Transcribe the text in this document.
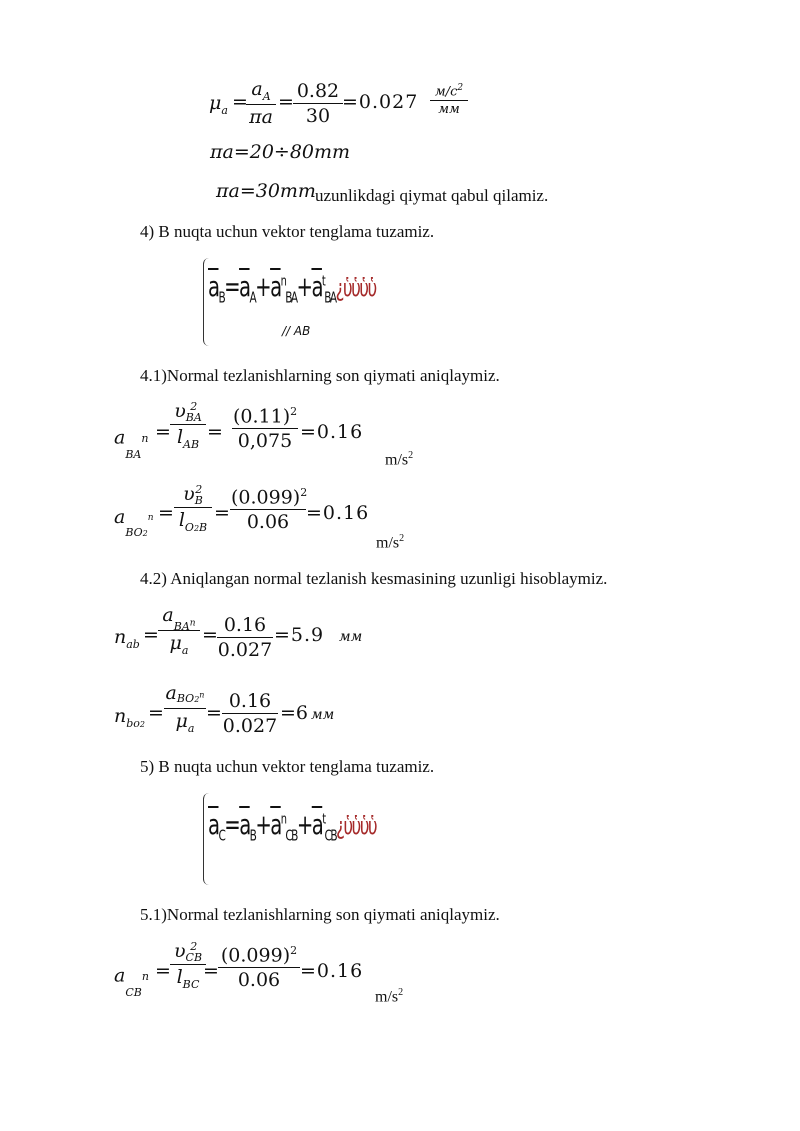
$\mu_a$ =
$\frac{a_A}{\pi a} = \frac{0.82}{30} =0.027$	$м/с^2$
мм
πa=20÷80mm
πa=30mm uzunlikdagi qiymat qabul qilamiz.
4) B nuqta uchun vektor tenglama tuzamiz.
$\overline{a}_B=\overline{a}_A+\overline{a}^n_{BA}+\overline{a}^t_{BA}¿ὑὑὑὑ$
// AB
4.1)Normal tezlanishlarning son qiymati aniqlaymiz.
$a_{BA}^n$ =
υ 2
BA
$l_{AB}$
= $\frac{(0.11)^2}{0,075} =0.16$
$m/s^2$
$a_{BO2}^n$ =
υ2
B
$l_{O2B}$
= $\frac{(0.099)^2}{0.06} =0.16$
$m/s^2$
4.2) Aniqlangan normal tezlanish kesmasining uzunligi hisoblaymiz.
$n_{ab}$ =
$a_{BA^n}$
$\mu_a$
= $\frac{0.16}{0.027} =5.9$ мм
$n_{bo2}$
=
$a_{BO2^n}$
$\mu_a$
= $\frac{0.16}{0.027} =6$ мм
5) B nuqta uchun vektor tenglama tuzamiz.
$\overline{a}_C=\overline{a}_B+\overline{a}^n_{CB}+\overline{a}^t_{CB}¿ὑὑὑὑ$
5.1)Normal tezlanishlarning son qiymati aniqlaymiz.
$a_{CB}^n$ =
υ 2
CB
$l_{BC}$
= $\frac{(0.099)^2}{0.06} =0.16$
$m/s^2$
